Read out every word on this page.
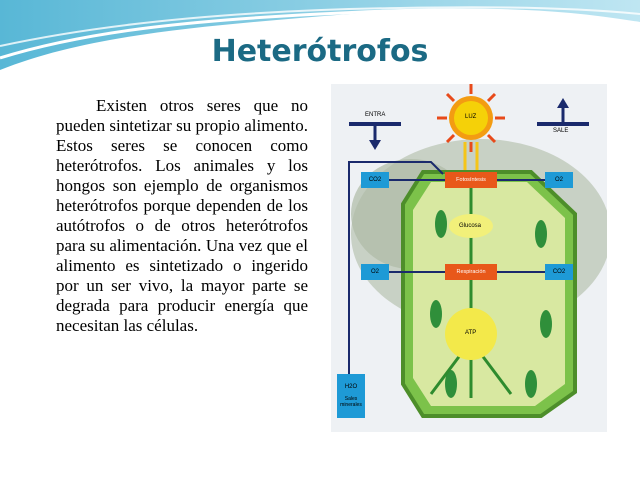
Heterótrofos
Existen otros seres que no pueden sintetizar su propio alimento. Estos seres se conocen como heterótrofos. Los animales y los hongos son ejemplo de organismos heterótrofos porque dependen de los autótrofos o de otros heterótrofos para su alimentación. Una vez que el alimento es sintetizado o ingerido por un ser vivo, la mayor parte se degrada para producir energía que necesitan las células.
ENTRA
SALE
LUZ
CO2	Fotosíntesis	O2
Glucosa
O2	Respiración	CO2
ATP
H2O
Sales minerales
